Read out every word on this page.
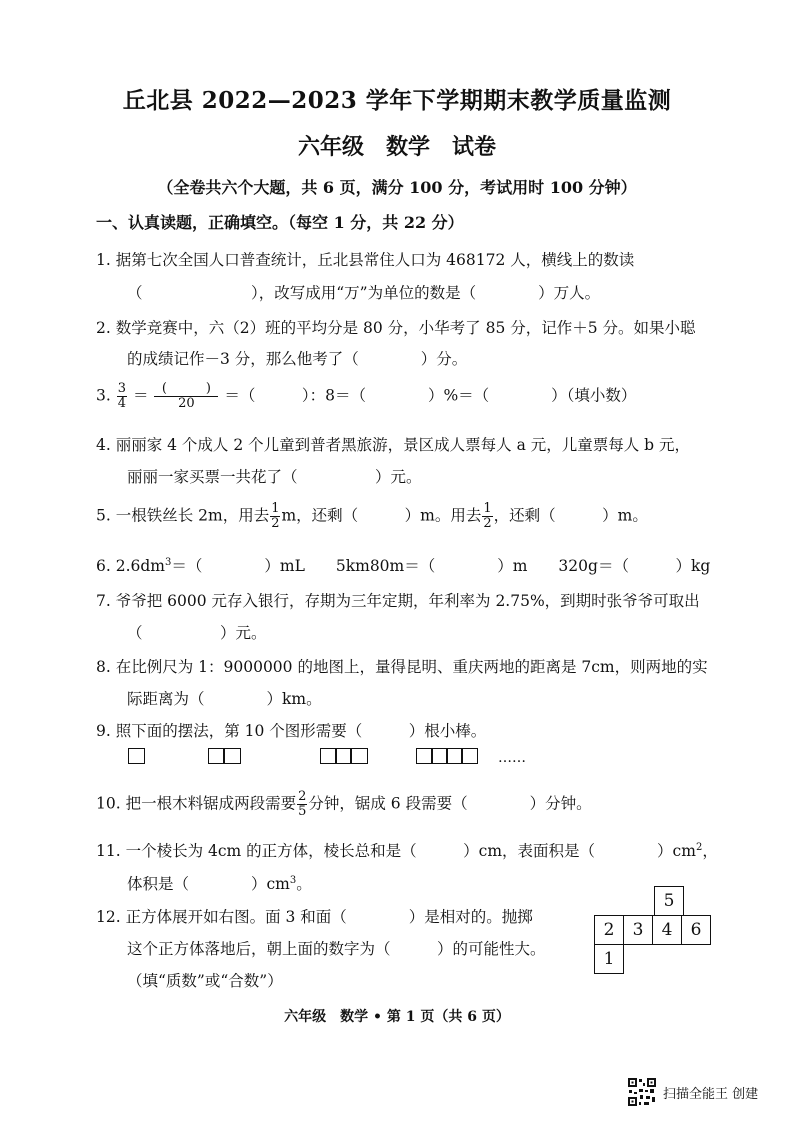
丘北县 2022—2023 学年下学期期末教学质量监测
六年级　数学　试卷
（全卷共六个大题，共 6 页，满分 100 分，考试用时 100 分钟）
一、认真读题，正确填空。（每空 1 分，共 22 分）
1. 据第七次全国人口普查统计，丘北县常住人口为 468172 人，横线上的数读
（　　　　　　　），改写成用“万”为单位的数是（　　　　）万人。
2. 数学竞赛中，六（2）班的平均分是 80 分，小华考了 85 分，记作＋5 分。如果小聪
的成绩记作－3 分，那么他考了（　　　　）分。
3. $\frac{3}{4} = \frac{( )}{20}$ ＝（　　　）：8＝（　　　　）%＝（　　　　）（填小数）
4. 丽丽家 4 个成人 2 个儿童到普者黑旅游，景区成人票每人 a 元，儿童票每人 b 元，
丽丽一家买票一共花了（　　　　　）元。
5. 一根铁丝长 2m，用去 $\frac{1}{2}$ m，还剩（　　　）m。用去 $\frac{1}{2}$ ，还剩（　　　）m。
6. $2.6dm^3=$（　　　　）mL　　5km80m＝（　　　　）m　　320g＝（　　　）kg
7. 爷爷把 6000 元存入银行，存期为三年定期，年利率为 2.75%，到期时张爷爷可取出
（　　　　　）元。
8. 在比例尺为 1：9000000 的地图上，量得昆明、重庆两地的距离是 7cm，则两地的实
际距离为（　　　　）km。
9. 照下面的摆法，第 10 个图形需要（　　　）根小棒。
……
10. 把一根木料锯成两段需要 $\frac{2}{5}$ 分钟，锯成 6 段需要（　　　　）分钟。
11. 一个棱长为 4cm 的正方体，棱长总和是（　　　）cm，表面积是（　　　　）$cm^2$，
体积是（　　　　）$cm^3$。
12. 正方体展开如右图。面 3 和面（　　　　）是相对的。抛掷
这个正方体落地后，朝上面的数字为（　　　）的可能性大。
（填“质数”或“合数”）
5
2	3	4	6
1
六年级　数学 • 第 1 页（共 6 页）
扫描全能王 创建
